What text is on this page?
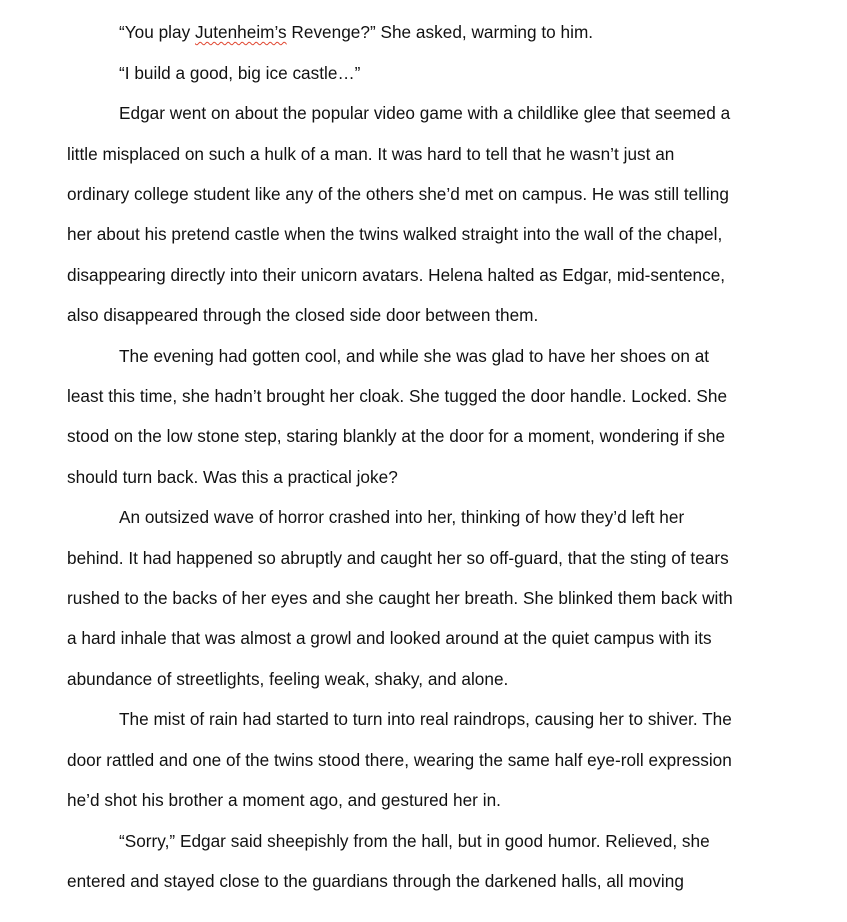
“You play Jutenheim’s Revenge?” She asked, warming to him.
“I build a good, big ice castle…”
Edgar went on about the popular video game with a childlike glee that seemed a
little misplaced on such a hulk of a man. It was hard to tell that he wasn’t just an
ordinary college student like any of the others she’d met on campus. He was still telling
her about his pretend castle when the twins walked straight into the wall of the chapel,
disappearing directly into their unicorn avatars. Helena halted as Edgar, mid-sentence,
also disappeared through the closed side door between them.
The evening had gotten cool, and while she was glad to have her shoes on at
least this time, she hadn’t brought her cloak. She tugged the door handle. Locked. She
stood on the low stone step, staring blankly at the door for a moment, wondering if she
should turn back. Was this a practical joke?
An outsized wave of horror crashed into her, thinking of how they’d left her
behind. It had happened so abruptly and caught her so off-guard, that the sting of tears
rushed to the backs of her eyes and she caught her breath. She blinked them back with
a hard inhale that was almost a growl and looked around at the quiet campus with its
abundance of streetlights, feeling weak, shaky, and alone.
The mist of rain had started to turn into real raindrops, causing her to shiver. The
door rattled and one of the twins stood there, wearing the same half eye-roll expression
he’d shot his brother a moment ago, and gestured her in.
“Sorry,” Edgar said sheepishly from the hall, but in good humor. Relieved, she
entered and stayed close to the guardians through the darkened halls, all moving
